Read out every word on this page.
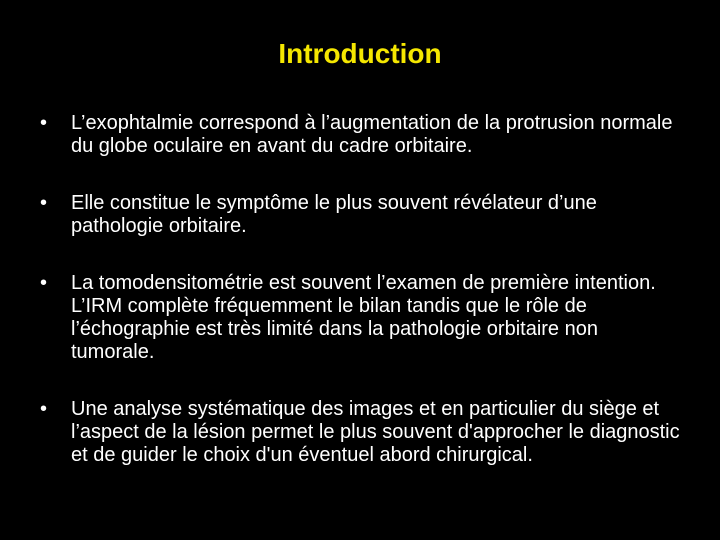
Introduction
•	L’exophtalmie correspond à l’augmentation de la protrusion normale du globe oculaire en avant du cadre orbitaire.
•	Elle constitue le symptôme le plus souvent révélateur d’une pathologie orbitaire.
•	La tomodensitométrie est souvent l’examen de première intention. L’IRM complète fréquemment le bilan tandis que le rôle de l’échographie est très limité dans la pathologie orbitaire non tumorale.
•	Une analyse systématique des images et en particulier du siège et l’aspect de la lésion permet le plus souvent d'approcher le diagnostic et de guider le choix d'un éventuel abord chirurgical.
